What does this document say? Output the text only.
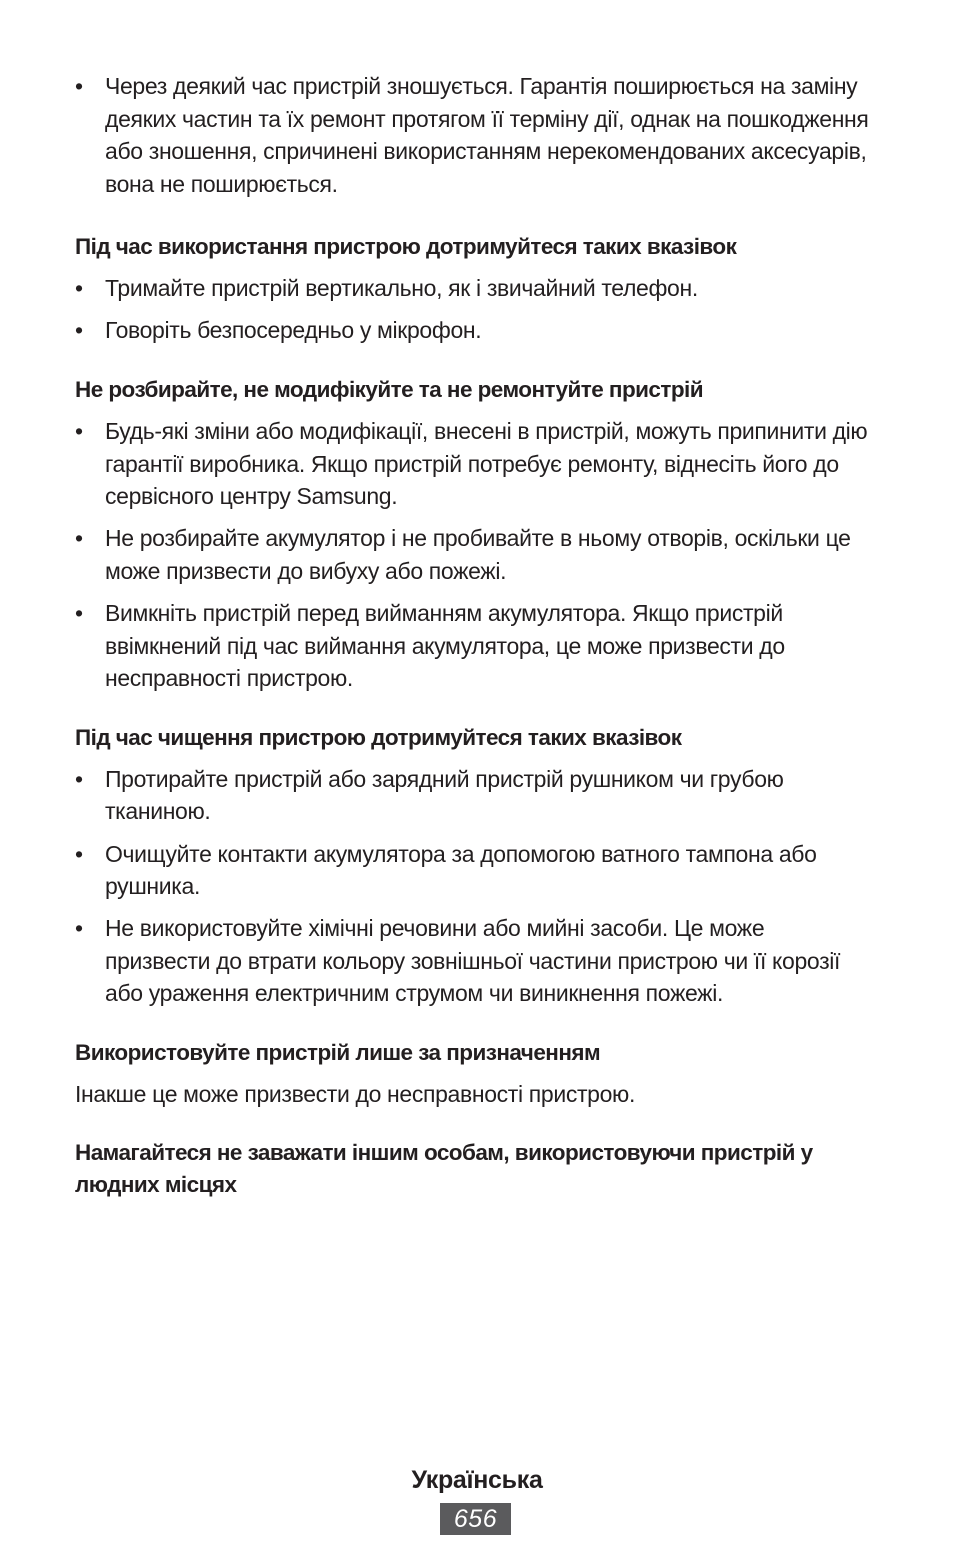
• Через деякий час пристрій зношується. Гарантія поширюється на заміну деяких частин та їх ремонт протягом її терміну дії, однак на пошкодження або зношення, спричинені використанням нерекомендованих аксесуарів, вона не поширюється.
Під час використання пристрою дотримуйтеся таких вказівок
• Тримайте пристрій вертикально, як і звичайний телефон.
• Говоріть безпосередньо у мікрофон.
Не розбирайте, не модифікуйте та не ремонтуйте пристрій
• Будь-які зміни або модифікації, внесені в пристрій, можуть припинити дію гарантії виробника. Якщо пристрій потребує ремонту, віднесіть його до сервісного центру Samsung.
• Не розбирайте акумулятор і не пробивайте в ньому отворів, оскільки це може призвести до вибуху або пожежі.
• Вимкніть пристрій перед вийманням акумулятора. Якщо пристрій ввімкнений під час виймання акумулятора, це може призвести до несправності пристрою.
Під час чищення пристрою дотримуйтеся таких вказівок
• Протирайте пристрій або зарядний пристрій рушником чи грубою тканиною.
• Очищуйте контакти акумулятора за допомогою ватного тампона або рушника.
• Не використовуйте хімічні речовини або мийні засоби. Це може призвести до втрати кольору зовнішньої частини пристрою чи її корозії або ураження електричним струмом чи виникнення пожежі.
Використовуйте пристрій лише за призначенням

Інакше це може призвести до несправності пристрою.

Намагайтеся не заважати іншим особам, використовуючи пристрій у людних місцях
Українська
656
